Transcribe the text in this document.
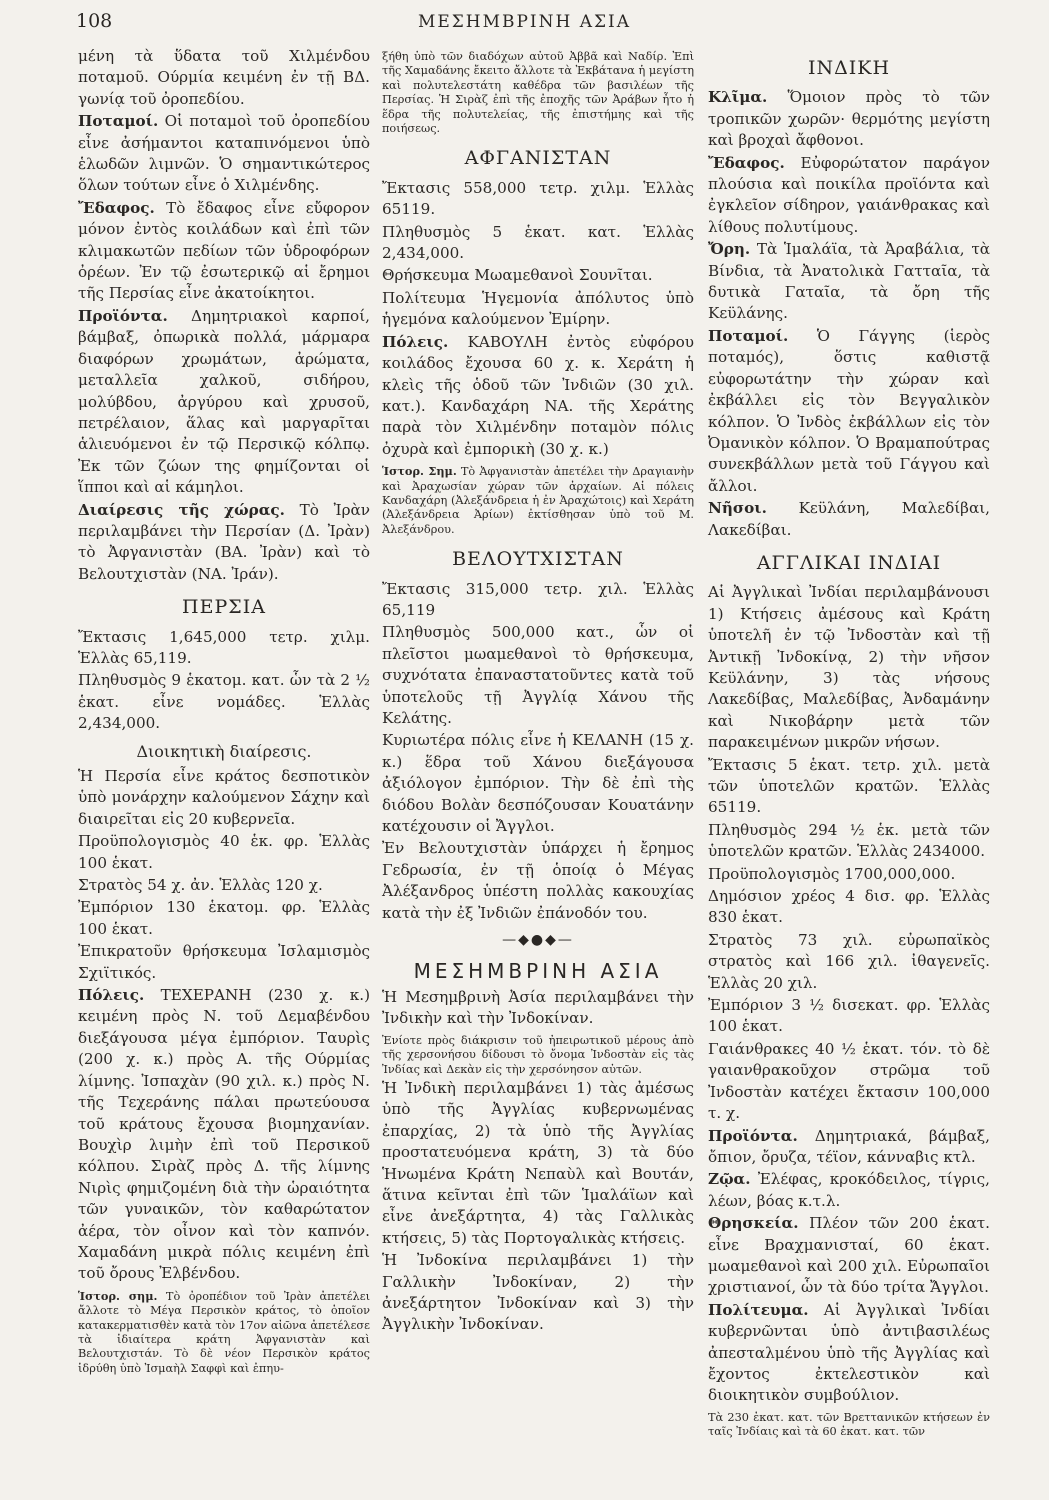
108	ΜΕΣΗΜΒΡΙΝΗ ΑΣΙΑ

μένη τὰ ὕδατα τοῦ Χιλμένδου ποταμοῦ. Ούρμία κειμένη ἐν τῇ ΒΔ. γωνίᾳ τοῦ ὀροπεδίου.

Ποταμοί. Οἱ ποταμοὶ τοῦ ὀροπεδίου εἶνε ἀσήμαντοι καταπινόμενοι ὑπὸ ἑλωδῶν λιμνῶν. Ὁ σημαντικώτερος ὅλων τούτων εἶνε ὁ Χιλμένδης.

Ἔδαφος. Τὸ ἔδαφος εἶνε εὔφορον μόνον ἐντὸς κοιλάδων καὶ ἐπὶ τῶν κλιμακωτῶν πεδίων τῶν ὑδροφόρων ὀρέων. Ἐν τῷ ἐσωτερικῷ αἱ ἔρημοι τῆς Περσίας εἶνε ἀκατοίκητοι.

Προϊόντα. Δημητριακοὶ καρποί, βάμβαξ, ὀπωρικὰ πολλά, μάρμαρα διαφόρων χρωμάτων, ἀρώματα, μεταλλεῖα χαλκοῦ, σιδήρου, μολύβδου, ἀργύρου καὶ χρυσοῦ, πετρέλαιον, ἅλας καὶ μαργαρῖται ἁλιευόμενοι ἐν τῷ Περσικῷ κόλπῳ. Ἐκ τῶν ζώων της φημίζονται οἱ ἵπποι καὶ αἱ κάμηλοι.

Διαίρεσις τῆς χώρας. Τὸ Ἰρὰν περιλαμβάνει τὴν Περσίαν (Δ. Ἰρὰν) τὸ Ἀφγανιστὰν (ΒΑ. Ἰρὰν) καὶ τὸ Βελουτχιστὰν (ΝΑ. Ἰράν).

ΠΕΡΣΙΑ

Ἔκτασις 1,645,000 τετρ. χιλμ. Ἑλλὰς 65,119.

Πληθυσμὸς 9 ἑκατομ. κατ. ὧν τὰ 2 ½ ἑκατ. εἶνε νομάδες. Ἑλλὰς 2,434,000.

Διοικητικὴ διαίρεσις.

Ἡ Περσία εἶνε κράτος δεσποτικὸν ὑπὸ μονάρχην καλούμενον Σάχην καὶ διαιρεῖται εἰς 20 κυβερνεῖα.

Προϋπολογισμὸς 40 ἑκ. φρ. Ἑλλὰς 100 ἑκατ.

Στρατὸς 54 χ. ἀν. Ἑλλὰς 120 χ.

Ἐμπόριον 130 ἑκατομ. φρ. Ἑλλὰς 100 ἑκατ.

Ἐπικρατοῦν θρήσκευμα Ἰσλαμισμὸς Σχιϊτικός.

Πόλεις. ΤΕΧΕΡΑΝΗ (230 χ. κ.) κειμένη πρὸς Ν. τοῦ Δεμαβένδου διεξάγουσα μέγα ἐμπόριον. Ταυρὶς (200 χ. κ.) πρὸς Α. τῆς Ούρμίας λίμνης. Ἰσπαχὰν (90 χιλ. κ.) πρὸς Ν. τῆς Τεχεράνης πάλαι πρωτεύουσα τοῦ κράτους ἔχουσα βιομηχανίαν. Βουχὶρ λιμὴν ἐπὶ τοῦ Περσικοῦ κόλπου. Σιρὰζ πρὸς Δ. τῆς λίμνης Νιρὶς φημιζομένη διὰ τὴν ὡραιότητα τῶν γυναικῶν, τὸν καθαρώτατον ἀέρα, τὸν οἶνον καὶ τὸν καπνόν. Χαμαδάνη μικρὰ πόλις κειμένη ἐπὶ τοῦ ὄρους Ἐλβένδου.

Ἱστορ. σημ. Τὸ ὀροπέδιον τοῦ Ἰρὰν ἀπετέλει ἄλλοτε τὸ Μέγα Περσικὸν κράτος, τὸ ὁποῖον κατακερματισθὲν κατὰ τὸν 17ον αἰῶνα ἀπετέλεσε τὰ ἰδιαίτερα κράτη Ἀφγανιστὰν καὶ Βελουτχιστάν. Τὸ δὲ νέον Περσικὸν κράτος ἱδρύθη ὑπὸ Ἰσμαὴλ Σαφφὶ καὶ ἐπηυ-

ξήθη ὑπὸ τῶν διαδόχων αὐτοῦ Ἀββᾶ καὶ Ναδίρ. Ἐπὶ τῆς Χαμαδάνης ἔκειτο ἄλλοτε τὰ Ἐκβάτανα ἡ μεγίστη καὶ πολυτελεστάτη καθέδρα τῶν βασιλέων τῆς Περσίας. Ἡ Σιρὰζ ἐπὶ τῆς ἐποχῆς τῶν Ἀράβων ἦτο ἡ ἕδρα τῆς πολυτελείας, τῆς ἐπιστήμης καὶ τῆς ποιήσεως.

ΑΦΓΑΝΙΣΤΑΝ

Ἔκτασις 558,000 τετρ. χιλμ. Ἑλλὰς 65119.

Πληθυσμὸς 5 ἑκατ. κατ. Ἑλλὰς 2,434,000.

Θρήσκευμα Μωαμεθανοὶ Σουνῖται.

Πολίτευμα Ἡγεμονία ἀπόλυτος ὑπὸ ἡγεμόνα καλούμενον Ἐμίρην.

Πόλεις. ΚΑΒΟΥΛΗ ἐντὸς εὐφόρου κοιλάδος ἔχουσα 60 χ. κ. Χεράτη ἡ κλεὶς τῆς ὁδοῦ τῶν Ἰνδιῶν (30 χιλ. κατ.). Κανδαχάρη ΝΑ. τῆς Χεράτης παρὰ τὸν Χιλμένδην ποταμὸν πόλις ὀχυρὰ καὶ ἐμπορικὴ (30 χ. κ.)

Ἱστορ. Σημ. Τὸ Ἀφγανιστὰν ἀπετέλει τὴν Δραγιανὴν καὶ Ἀραχωσίαν χώραν τῶν ἀρχαίων. Αἱ πόλεις Κανδαχάρη (Ἀλεξάνδρεια ἡ ἐν Ἀραχώτοις) καὶ Χεράτη (Ἀλεξάνδρεια Ἀρίων) ἐκτίσθησαν ὑπὸ τοῦ Μ. Ἀλεξάνδρου.

ΒΕΛΟΥΤΧΙΣΤΑΝ

Ἔκτασις 315,000 τετρ. χιλ. Ἑλλὰς 65,119

Πληθυσμὸς 500,000 κατ., ὧν οἱ πλεῖστοι μωαμεθανοὶ τὸ θρήσκευμα, συχνότατα ἐπαναστατοῦντες κατὰ τοῦ ὑποτελοῦς τῇ Ἀγγλίᾳ Χάνου τῆς Κελάτης.

Κυριωτέρα πόλις εἶνε ἡ ΚΕΛΑΝΗ (15 χ. κ.) ἕδρα τοῦ Χάνου διεξάγουσα ἀξιόλογον ἐμπόριον. Τὴν δὲ ἐπὶ τὴς διόδου Βολὰν δεσπόζουσαν Κουατάνην κατέχουσιν οἱ Ἄγγλοι.

Ἐν Βελουτχιστὰν ὑπάρχει ἡ ἔρημος Γεδρωσία, ἐν τῇ ὁποίᾳ ὁ Μέγας Ἀλέξανδρος ὑπέστη πολλὰς κακουχίας κατὰ τὴν ἐξ Ἰνδιῶν ἐπάνοδόν του.

—◆●◆—
ΜΕΣΗΜΒΡΙΝΗ ΑΣΙΑ

Ἡ Μεσημβρινὴ Ἀσία περιλαμβάνει τὴν Ἰνδικὴν καὶ τὴν Ἰνδοκίναν.

Ἐνίοτε πρὸς διάκρισιν τοῦ ἠπειρωτικοῦ μέρους ἀπὸ τῆς χερσονήσου δίδουσι τὸ ὄνομα Ἰνδοστὰν εἰς τὰς Ἰνδίας καὶ Δεκὰν εἰς τὴν χερσόνησον αὐτῶν.

Ἡ Ἰνδικὴ περιλαμβάνει 1) τὰς ἀμέσως ὑπὸ τῆς Ἀγγλίας κυβερνωμένας ἐπαρχίας, 2) τὰ ὑπὸ τῆς Ἀγγλίας προστατευόμενα κράτη, 3) τὰ δύο Ἡνωμένα Κράτη Νεπαὺλ καὶ Βουτάν, ἅτινα κεῖνται ἐπὶ τῶν Ἱμαλάϊων καὶ εἶνε ἀνεξάρτητα, 4) τὰς Γαλλικὰς κτήσεις, 5) τὰς Πορτογαλικὰς κτήσεις.

Ἡ Ἰνδοκίνα περιλαμβάνει 1) τὴν Γαλλικὴν Ἰνδοκίναν, 2) τὴν ἀνεξάρτητον Ἰνδοκίναν καὶ 3) τὴν Ἀγγλικὴν Ἰνδοκίναν.

ΙΝΔΙΚΗ

Κλῖμα. Ὅμοιον πρὸς τὸ τῶν τροπικῶν χωρῶν· θερμότης μεγίστη καὶ βροχαὶ ἄφθονοι.

Ἔδαφος. Εὐφορώτατον παράγον πλούσια καὶ ποικίλα προϊόντα καὶ ἐγκλεῖον σίδηρον, γαιάνθρακας καὶ λίθους πολυτίμους.

Ὄρη. Τὰ Ἱμαλάϊα, τὰ Ἀραβάλια, τὰ Βίνδια, τὰ Ἀνατολικὰ Γατταῖα, τὰ δυτικὰ Γαταῖα, τὰ ὄρη τῆς Κεϋλάνης.

Ποταμοί. Ὁ Γάγγης (ἱερὸς ποταμός), ὅστις καθιστᾷ εὐφορωτάτην τὴν χώραν καὶ ἐκβάλλει εἰς τὸν Βεγγαλικὸν κόλπον. Ὁ Ἰνδὸς ἐκβάλλων εἰς τὸν Ὀμανικὸν κόλπον. Ὁ Βραμαπούτρας συνεκβάλλων μετὰ τοῦ Γάγγου καὶ ἄλλοι.

Νῆσοι. Κεϋλάνη, Μαλεδίβαι, Λακεδίβαι.

ΑΓΓΛΙΚΑΙ ΙΝΔΙΑΙ

Αἱ Ἀγγλικαὶ Ἰνδίαι περιλαμβάνουσι 1) Κτήσεις ἀμέσους καὶ Κράτη ὑποτελῆ ἐν τῷ Ἰνδοστὰν καὶ τῇ Ἀντικῇ Ἰνδοκίνᾳ, 2) τὴν νῆσον Κεϋλάνην, 3) τὰς νήσους Λακεδίβας, Μαλεδίβας, Ἀνδαμάνην καὶ Νικοβάρην μετὰ τῶν παρακειμένων μικρῶν νήσων.

Ἔκτασις 5 ἑκατ. τετρ. χιλ. μετὰ τῶν ὑποτελῶν κρατῶν. Ἑλλὰς 65119.

Πληθυσμὸς 294 ½ ἑκ. μετὰ τῶν ὑποτελῶν κρατῶν. Ἑλλὰς 2434000.

Προϋπολογισμὸς 1700,000,000.

Δημόσιον χρέος 4 δισ. φρ. Ἑλλὰς 830 ἑκατ.

Στρατὸς 73 χιλ. εὐρωπαϊκὸς στρατὸς καὶ 166 χιλ. ἰθαγενεῖς. Ἑλλὰς 20 χιλ.

Ἐμπόριον 3 ½ δισεκατ. φρ. Ἑλλὰς 100 ἑκατ.

Γαιάνθρακες 40 ½ ἑκατ. τόν. τὸ δὲ γαιανθρακοῦχον στρῶμα τοῦ Ἰνδοστὰν κατέχει ἔκτασιν 100,000 τ. χ.

Προϊόντα. Δημητριακά, βάμβαξ, ὄπιον, ὄρυζα, τέϊον, κάνναβις κτλ.

Ζῷα. Ἐλέφας, κροκόδειλος, τίγρις, λέων, βόας κ.τ.λ.

Θρησκεία. Πλέον τῶν 200 ἑκατ. εἶνε Βραχμανισταί, 60 ἑκατ. μωαμεθανοὶ καὶ 200 χιλ. Εὐρωπαῖοι χριστιανοί, ὧν τὰ δύο τρίτα Ἄγγλοι.

Πολίτευμα. Αἱ Ἀγγλικαὶ Ἰνδίαι κυβερνῶνται ὑπὸ ἀντιβασιλέως ἀπεσταλμένου ὑπὸ τῆς Ἀγγλίας καὶ ἔχοντος ἐκτελεστικὸν καὶ διοικητικὸν συμβούλιον.

Τὰ 230 ἑκατ. κατ. τῶν Βρεττανικῶν κτήσεων ἐν ταῖς Ἰνδίαις καὶ τὰ 60 ἑκατ. κατ. τῶν
